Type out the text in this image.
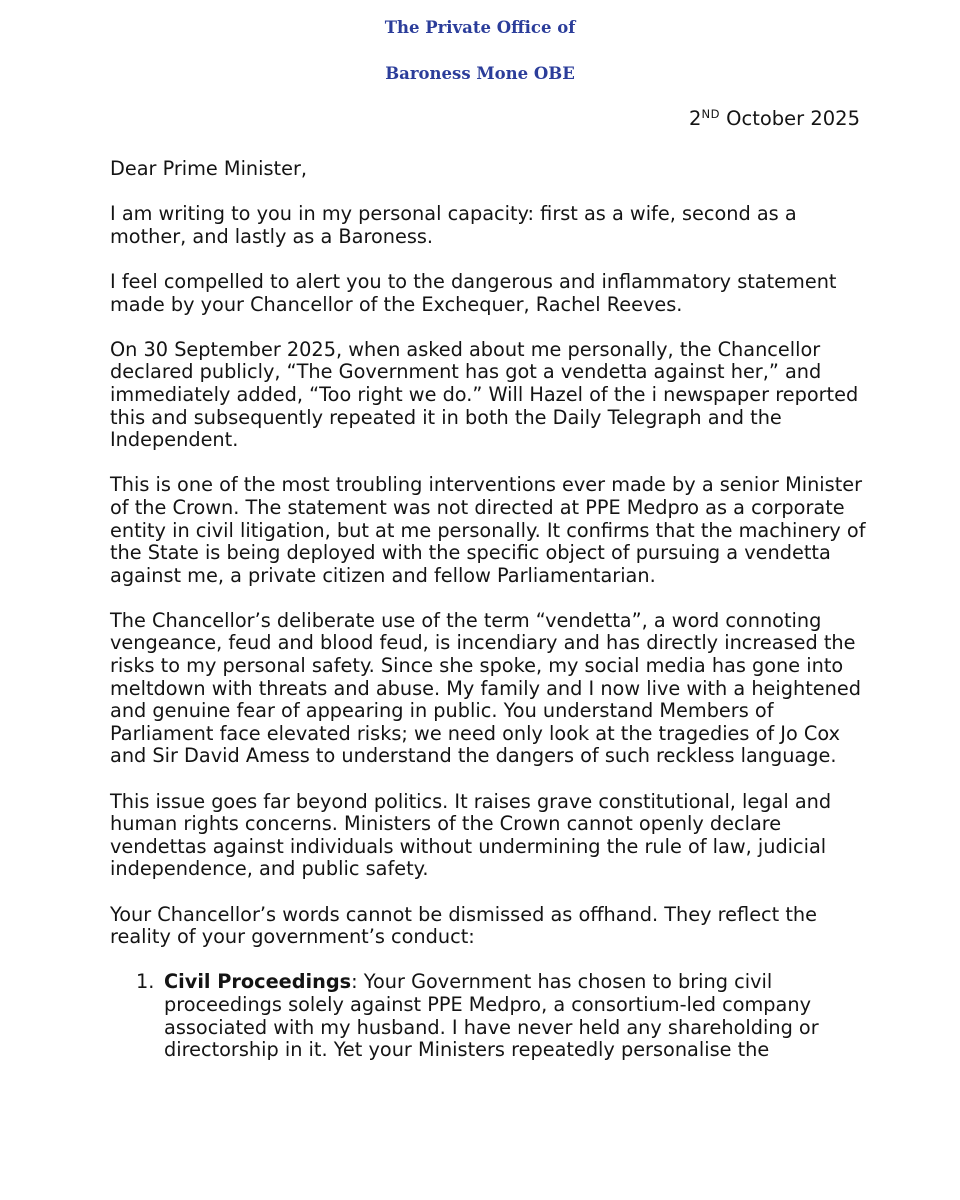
The Private Office of
Baroness Mone OBE
2ND October 2025

Dear Prime Minister,

I am writing to you in my personal capacity: first as a wife, second as a mother, and lastly as a Baroness.

I feel compelled to alert you to the dangerous and inflammatory statement made by your Chancellor of the Exchequer, Rachel Reeves.

On 30 September 2025, when asked about me personally, the Chancellor declared publicly, “The Government has got a vendetta against her,” and immediately added, “Too right we do.” Will Hazel of the i newspaper reported this and subsequently repeated it in both the Daily Telegraph and the Independent.

This is one of the most troubling interventions ever made by a senior Minister of the Crown. The statement was not directed at PPE Medpro as a corporate entity in civil litigation, but at me personally. It confirms that the machinery of the State is being deployed with the specific object of pursuing a vendetta against me, a private citizen and fellow Parliamentarian.

The Chancellor’s deliberate use of the term “vendetta”, a word connoting vengeance, feud and blood feud, is incendiary and has directly increased the risks to my personal safety. Since she spoke, my social media has gone into meltdown with threats and abuse. My family and I now live with a heightened and genuine fear of appearing in public. You understand Members of Parliament face elevated risks; we need only look at the tragedies of Jo Cox and Sir David Amess to understand the dangers of such reckless language.

This issue goes far beyond politics. It raises grave constitutional, legal and human rights concerns. Ministers of the Crown cannot openly declare vendettas against individuals without undermining the rule of law, judicial independence, and public safety.

Your Chancellor’s words cannot be dismissed as offhand. They reflect the reality of your government’s conduct:

1. Civil Proceedings: Your Government has chosen to bring civil proceedings solely against PPE Medpro, a consortium-led company associated with my husband. I have never held any shareholding or directorship in it. Yet your Ministers repeatedly personalise the
